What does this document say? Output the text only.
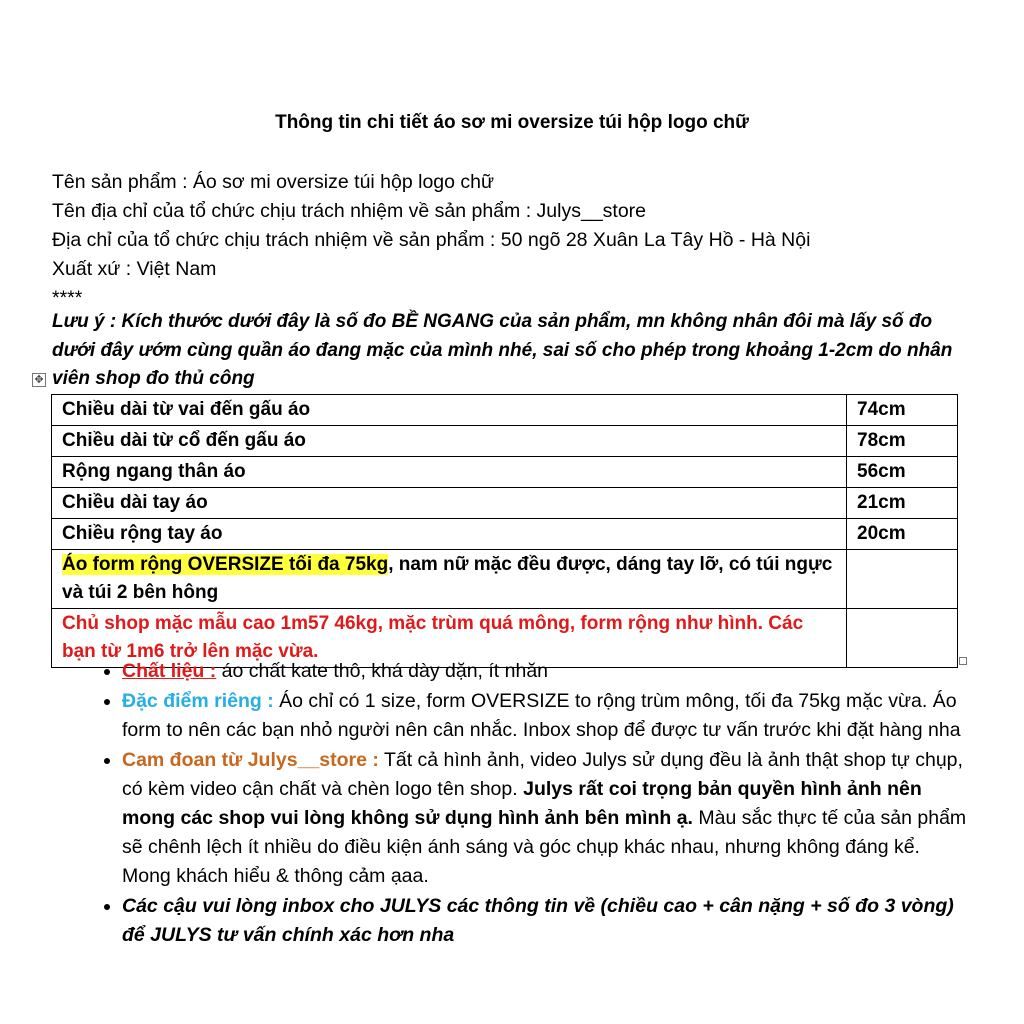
Thông tin chi tiết áo sơ mi oversize túi hộp logo chữ
Tên sản phẩm : Áo sơ mi oversize túi hộp logo chữ
Tên địa chỉ của tổ chức chịu trách nhiệm về sản phẩm : Julys__store
Địa chỉ của tổ chức chịu trách nhiệm về sản phẩm : 50 ngõ 28 Xuân La Tây Hồ - Hà Nội
Xuất xứ : Việt Nam
****
Lưu ý : Kích thước dưới đây là số đo BỀ NGANG của sản phẩm, mn không nhân đôi mà lấy số đo dưới đây ướm cùng quần áo đang mặc của mình nhé, sai số cho phép trong khoảng 1-2cm do nhân viên shop đo thủ công
✥
Chiều dài từ vai đến gấu áo	74cm
Chiều dài từ cổ đến gấu áo	78cm
Rộng ngang thân áo	56cm
Chiều dài tay áo	21cm
Chiều rộng tay áo	20cm
Áo form rộng OVERSIZE tối đa 75kg, nam nữ mặc đều được, dáng tay lỡ, có túi ngực và túi 2 bên hông	
Chủ shop mặc mẫu cao 1m57 46kg, mặc trùm quá mông, form rộng như hình. Các bạn từ 1m6 trở lên mặc vừa.	
• Chất liệu : áo chất kate thô, khá dày dặn, ít nhăn
• Đặc điểm riêng : Áo chỉ có 1 size, form OVERSIZE to rộng trùm mông, tối đa 75kg mặc vừa. Áo form to nên các bạn nhỏ người nên cân nhắc. Inbox shop để được tư vấn trước khi đặt hàng nha
• Cam đoan từ Julys__store : Tất cả hình ảnh, video Julys sử dụng đều là ảnh thật shop tự chụp, có kèm video cận chất và chèn logo tên shop. Julys rất coi trọng bản quyền hình ảnh nên mong các shop vui lòng không sử dụng hình ảnh bên mình ạ. Màu sắc thực tế của sản phẩm sẽ chênh lệch ít nhiều do điều kiện ánh sáng và góc chụp khác nhau, nhưng không đáng kể. Mong khách hiểu & thông cảm ạaa.
• Các cậu vui lòng inbox cho JULYS các thông tin về (chiều cao + cân nặng + số đo 3 vòng) để JULYS tư vấn chính xác hơn nha
